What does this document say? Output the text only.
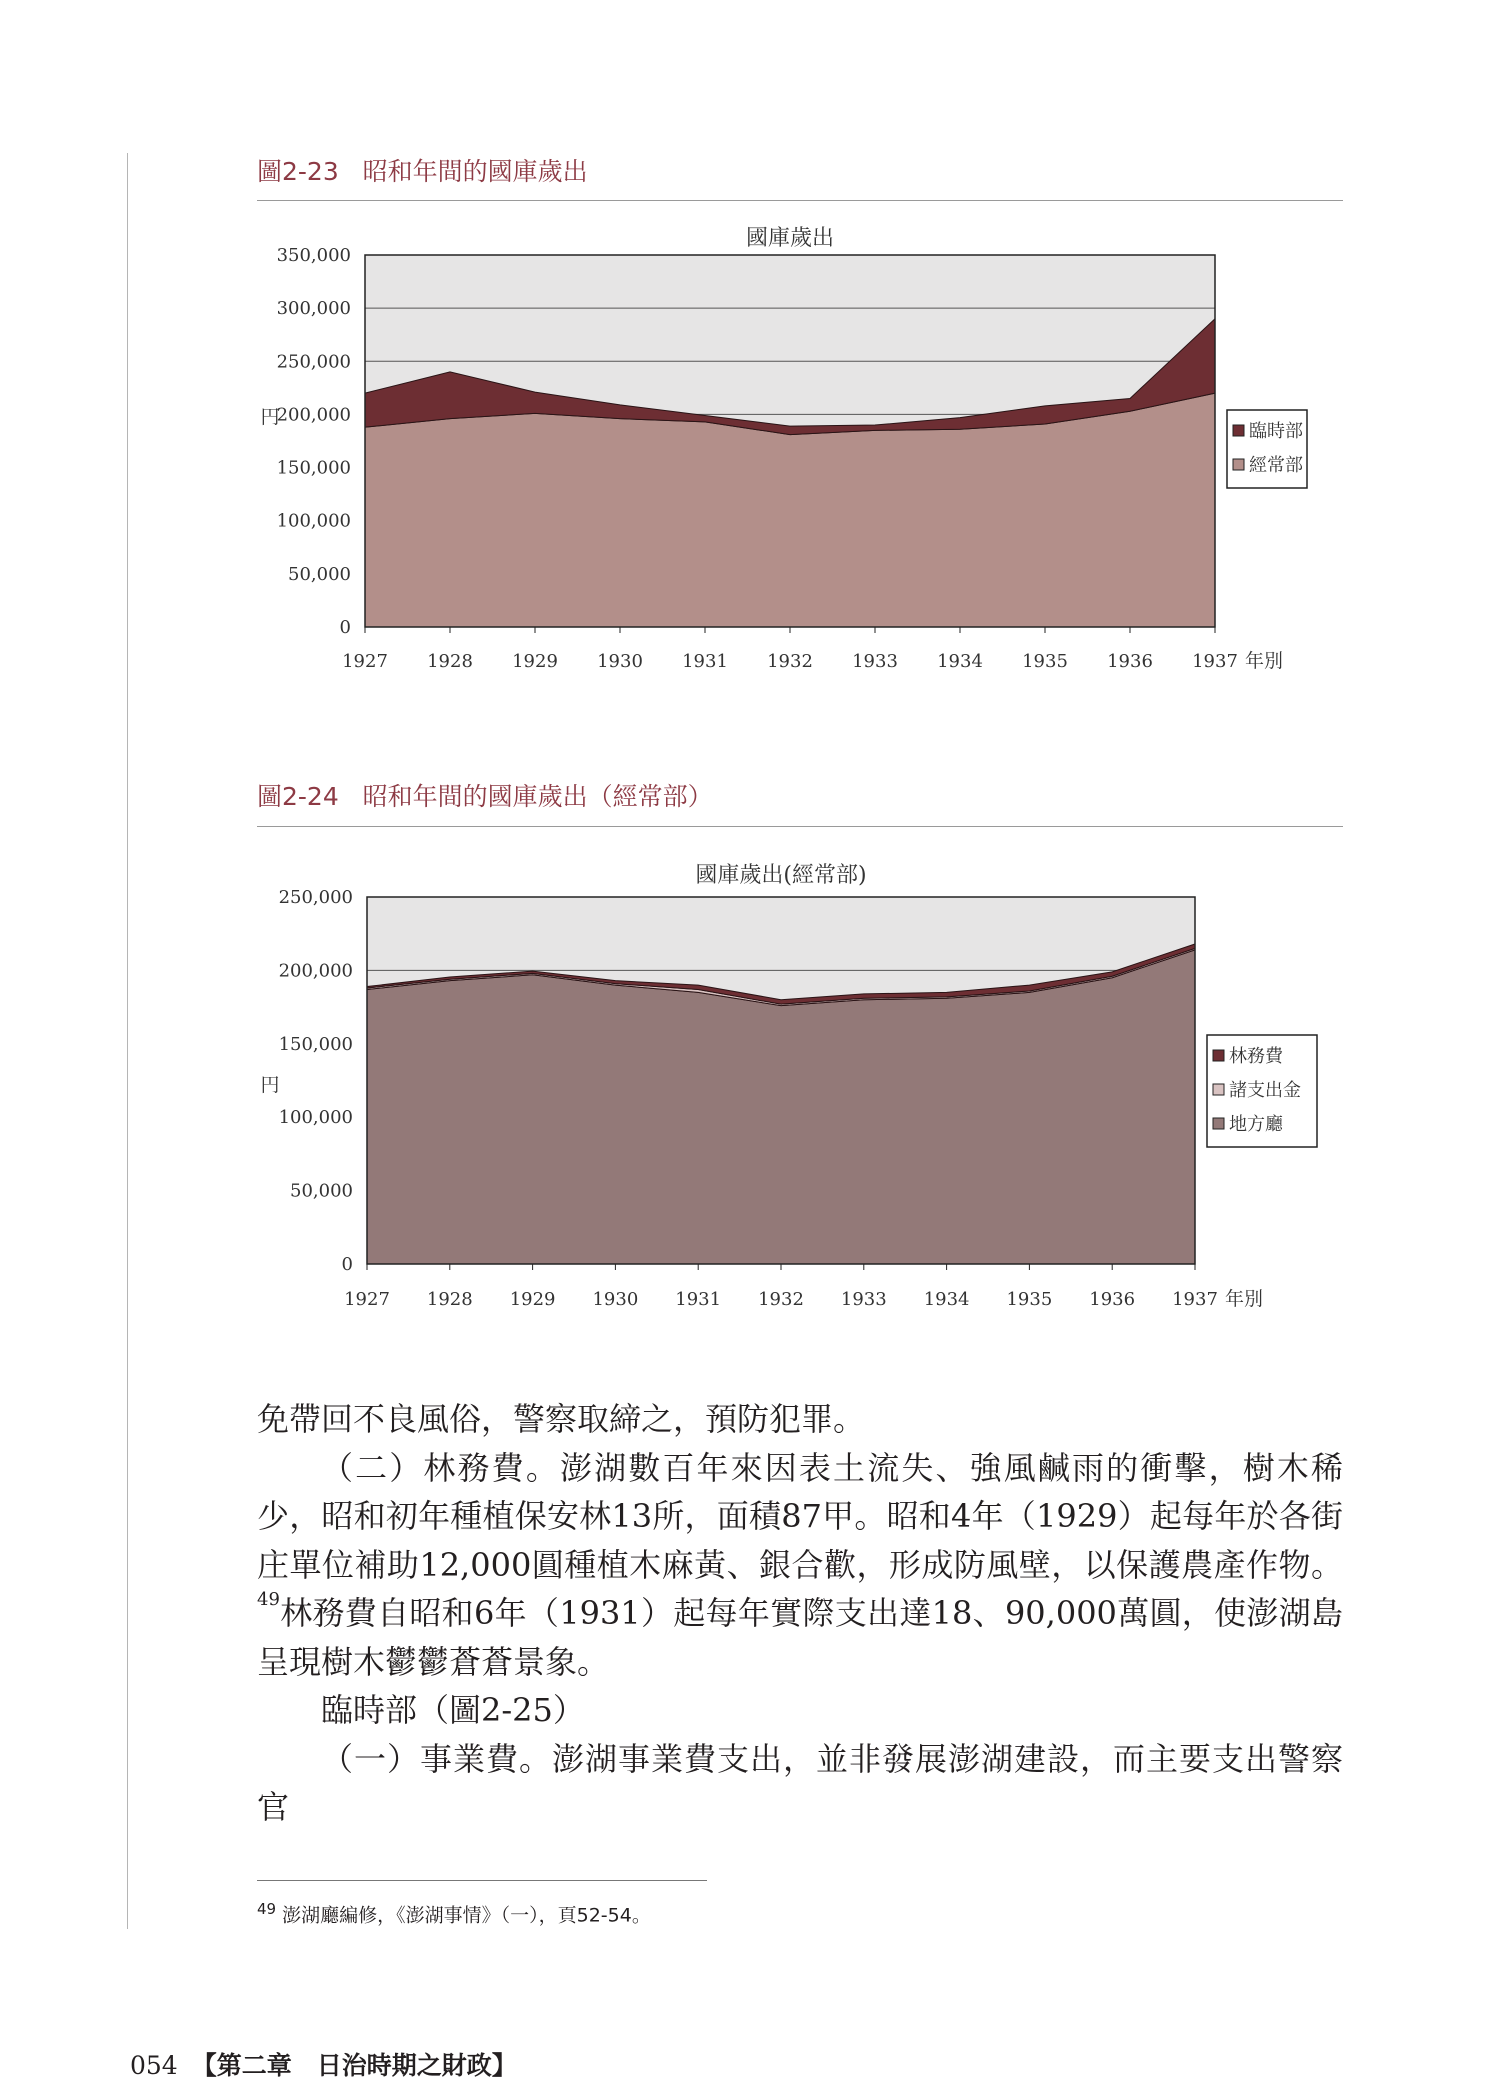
圖2-23 昭和年間的國庫歲出
350,000
300,000
250,000
200,000
150,000
100,000
50,000
0
1927 1928 1929 1930 1931 1932 1933 1934 1935 1936 1937 年別
円
國庫歲出
臨時部
經常部
圖2-24 昭和年間的國庫歲出（經常部）
250,000
200,000
150,000
100,000
50,000
0
1927 1928 1929 1930 1931 1932 1933 1934 1935 1936 1937 年別
円
國庫歲出(經常部)
林務費
諸支出金
地方廳

免帶回不良風俗，警察取締之，預防犯罪。

（二）林務費。澎湖數百年來因表土流失、強風鹹雨的衝擊，樹木稀少，昭和初年種植保安林13所，面積87甲。昭和4年（1929）起每年於各街庄單位補助12,000圓種植木麻黃、銀合歡，形成防風壁，以保護農產作物。$^{49}$林務費自昭和6年（1931）起每年實際支出達18、90,000萬圓，使澎湖島呈現樹木鬱鬱蒼蒼景象。

臨時部（圖2-25）

（一）事業費。澎湖事業費支出，並非發展澎湖建設，而主要支出警察官

$^{49}$ 澎湖廳編修，《澎湖事情》（一），頁52-54。
054 【第二章　日治時期之財政】
